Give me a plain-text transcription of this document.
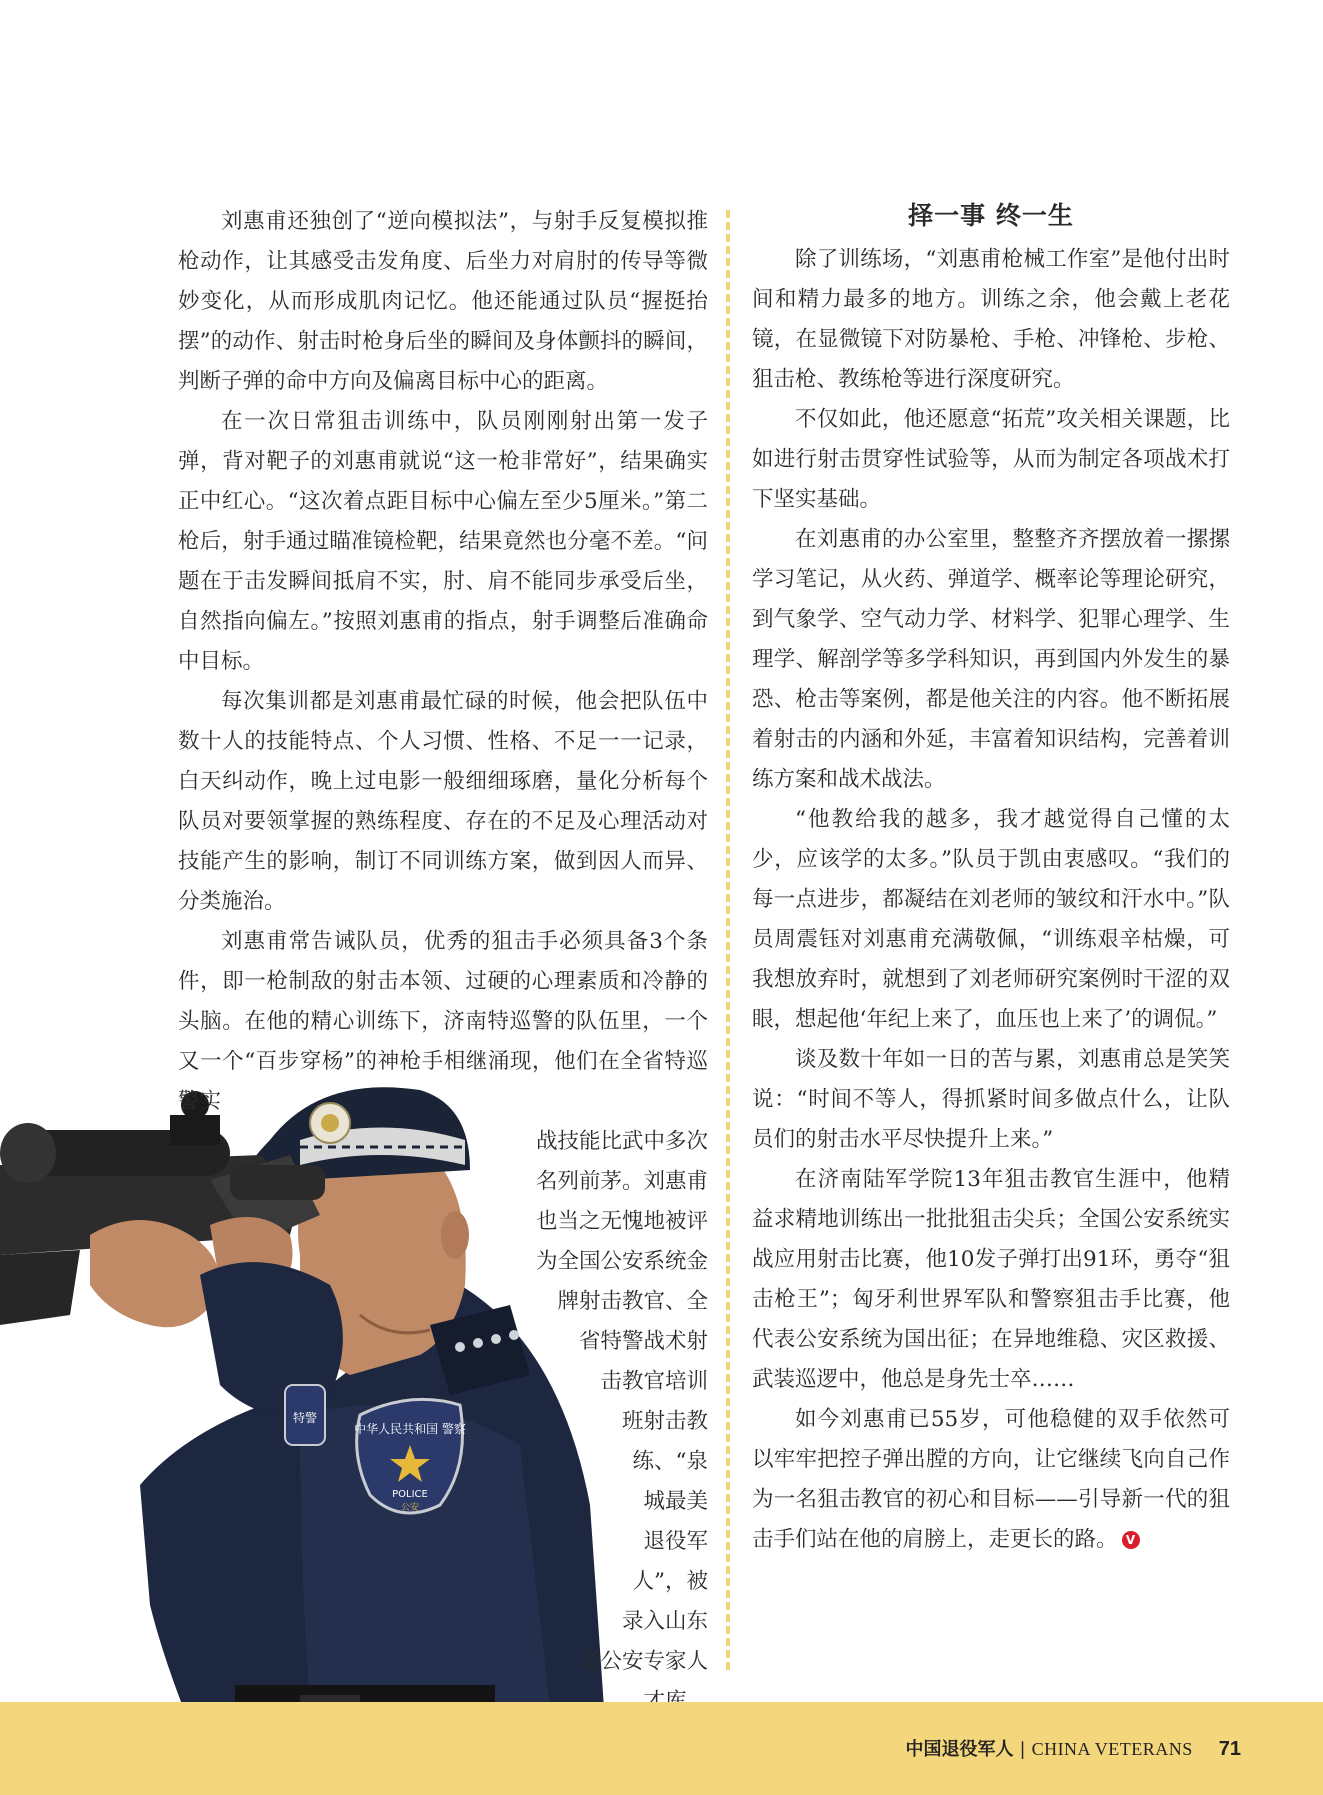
中华人民共和国 警察
POLICE
公安
特警

刘惠甫还独创了“逆向模拟法”，与射手反复模拟推枪动作，让其感受击发角度、后坐力对肩肘的传导等微妙变化，从而形成肌肉记忆。他还能通过队员“握挺抬摆”的动作、射击时枪身后坐的瞬间及身体颤抖的瞬间，判断子弹的命中方向及偏离目标中心的距离。

在一次日常狙击训练中，队员刚刚射出第一发子弹，背对靶子的刘惠甫就说“这一枪非常好”，结果确实正中红心。“这次着点距目标中心偏左至少5厘米。”第二枪后，射手通过瞄准镜检靶，结果竟然也分毫不差。“问题在于击发瞬间抵肩不实，肘、肩不能同步承受后坐，自然指向偏左。”按照刘惠甫的指点，射手调整后准确命中目标。

每次集训都是刘惠甫最忙碌的时候，他会把队伍中数十人的技能特点、个人习惯、性格、不足一一记录，白天纠动作，晚上过电影一般细细琢磨，量化分析每个队员对要领掌握的熟练程度、存在的不足及心理活动对技能产生的影响，制订不同训练方案，做到因人而异、分类施治。

刘惠甫常告诫队员，优秀的狙击手必须具备3个条件，即一枪制敌的射击本领、过硬的心理素质和冷静的头脑。在他的精心训练下，济南特巡警的队伍里，一个又一个“百步穿杨”的神枪手相继涌现，他们在全省特巡警实

战技能比武中多次
名列前茅。刘惠甫
也当之无愧地被评
为全国公安系统金
牌射击教官、全
省特警战术射
击教官培训
班射击教
练、“泉
城最美
退役军
人”，被
录入山东
省公安专家人
择一事 终一生

除了训练场，“刘惠甫枪械工作室”是他付出时间和精力最多的地方。训练之余，他会戴上老花镜，在显微镜下对防暴枪、手枪、冲锋枪、步枪、狙击枪、教练枪等进行深度研究。

不仅如此，他还愿意“拓荒”攻关相关课题，比如进行射击贯穿性试验等，从而为制定各项战术打下坚实基础。

在刘惠甫的办公室里，整整齐齐摆放着一摞摞学习笔记，从火药、弹道学、概率论等理论研究，到气象学、空气动力学、材料学、犯罪心理学、生理学、解剖学等多学科知识，再到国内外发生的暴恐、枪击等案例，都是他关注的内容。他不断拓展着射击的内涵和外延，丰富着知识结构，完善着训练方案和战术战法。

“他教给我的越多，我才越觉得自己懂的太少，应该学的太多。”队员于凯由衷感叹。“我们的每一点进步，都凝结在刘老师的皱纹和汗水中。”队员周震钰对刘惠甫充满敬佩，“训练艰辛枯燥，可我想放弃时，就想到了刘老师研究案例时干涩的双眼，想起他‘年纪上来了，血压也上来了’的调侃。”

谈及数十年如一日的苦与累，刘惠甫总是笑笑说：“时间不等人，得抓紧时间多做点什么，让队员们的射击水平尽快提升上来。”

在济南陆军学院13年狙击教官生涯中，他精益求精地训练出一批批狙击尖兵；全国公安系统实战应用射击比赛，他10发子弹打出91环，勇夺“狙击枪王”；匈牙利世界军队和警察狙击手比赛，他代表公安系统为国出征；在异地维稳、灾区救援、武装巡逻中，他总是身先士卒……

如今刘惠甫已55岁，可他稳健的双手依然可以牢牢把控子弹出膛的方向，让它继续飞向自己作为一名狙击教官的初心和目标——引导新一代的狙击手们站在他的肩膀上，走更长的路。 V

中国退役军人 | CHINA VETERANS 71
